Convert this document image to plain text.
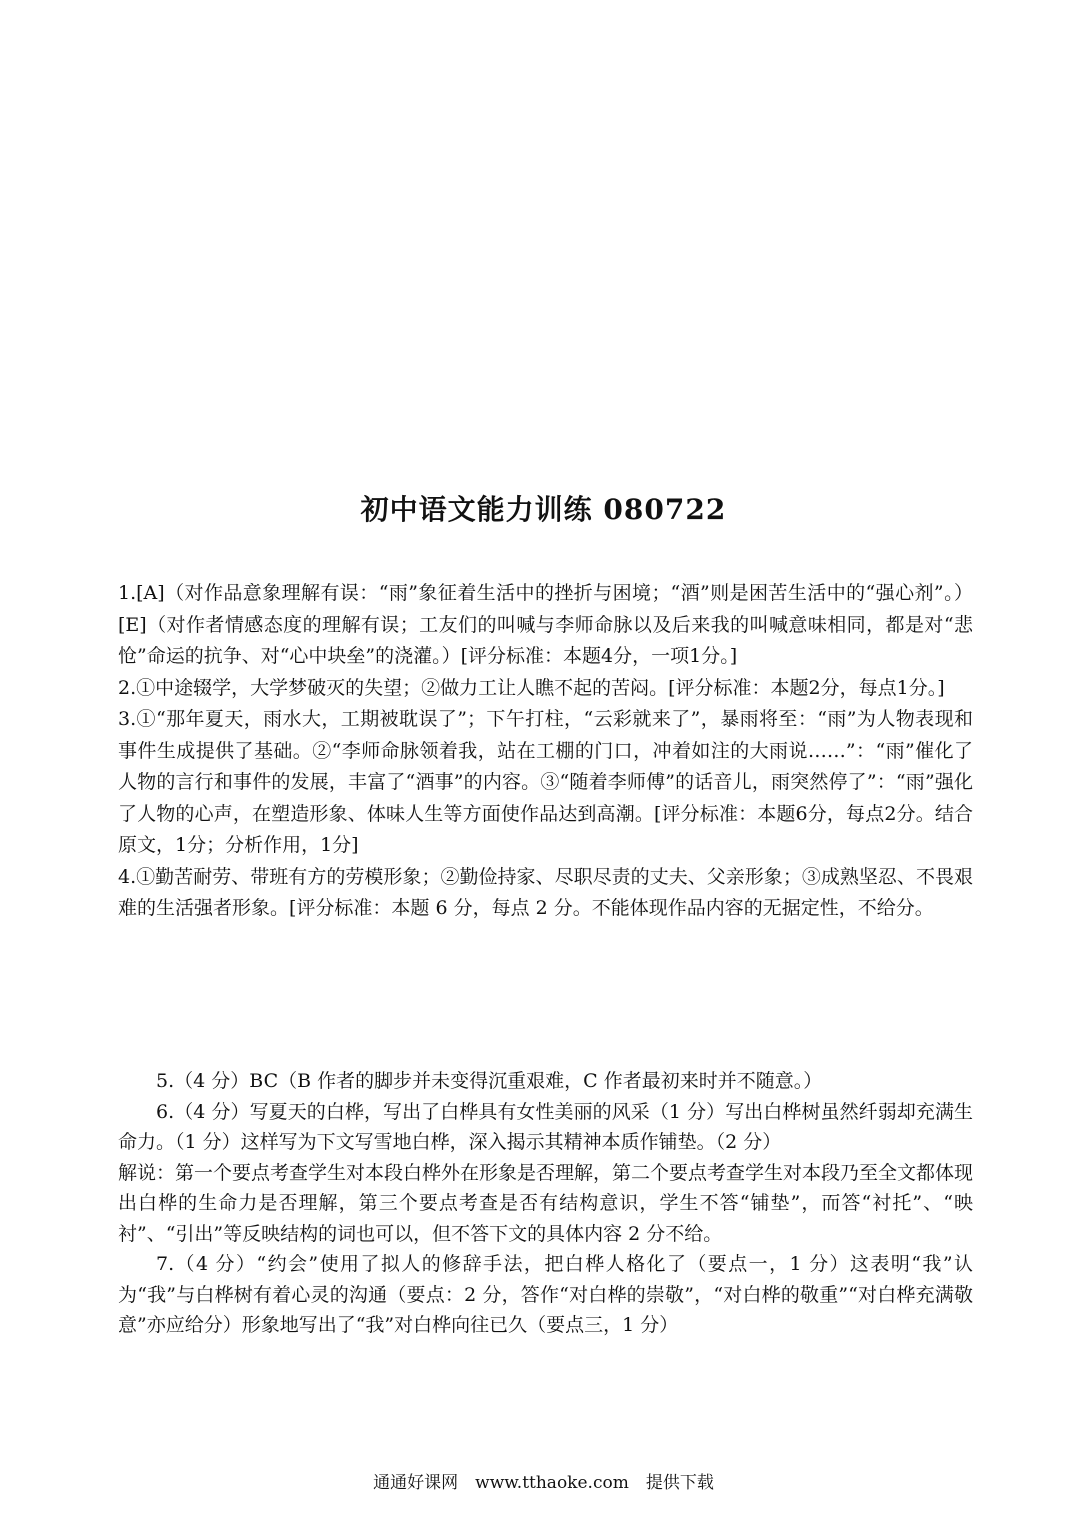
初中语文能力训练 080722

1.[A]（对作品意象理解有误：“雨”象征着生活中的挫折与困境；“酒”则是困苦生活中的“强心剂”。）[E]（对作者情感态度的理解有误；工友们的叫喊与李师命脉以及后来我的叫喊意味相同，都是对“悲怆”命运的抗争、对“心中块垒”的浇灌。）[评分标准：本题4分，一项1分。]

2.①中途辍学，大学梦破灭的失望；②做力工让人瞧不起的苦闷。[评分标准：本题2分，每点1分。]

3.①“那年夏天，雨水大，工期被耽误了”；下午打柱，“云彩就来了”，暴雨将至：“雨”为人物表现和事件生成提供了基础。②“李师命脉领着我，站在工棚的门口，冲着如注的大雨说……”：“雨”催化了人物的言行和事件的发展，丰富了“酒事”的内容。③“随着李师傅”的话音儿，雨突然停了”：“雨”强化了人物的心声，在塑造形象、体味人生等方面使作品达到高潮。[评分标准：本题6分，每点2分。结合原文，1分；分析作用，1分]

4.①勤苦耐劳、带班有方的劳模形象；②勤俭持家、尽职尽责的丈夫、父亲形象；③成熟坚忍、不畏艰难的生活强者形象。[评分标准：本题 6 分，每点 2 分。不能体现作品内容的无据定性，不给分。

5.（4 分）BC（B 作者的脚步并未变得沉重艰难，C 作者最初来时并不随意。）

6.（4 分）写夏天的白桦，写出了白桦具有女性美丽的风采（1 分）写出白桦树虽然纤弱却充满生命力。（1 分）这样写为下文写雪地白桦，深入揭示其精神本质作铺垫。（2 分）

解说：第一个要点考查学生对本段白桦外在形象是否理解，第二个要点考查学生对本段乃至全文都体现出白桦的生命力是否理解，第三个要点考查是否有结构意识，学生不答“铺垫”，而答“衬托”、“映衬”、“引出”等反映结构的词也可以，但不答下文的具体内容 2 分不给。

7.（4 分）“约会”使用了拟人的修辞手法，把白桦人格化了（要点一，1 分）这表明“我”认为“我”与白桦树有着心灵的沟通（要点：2 分，答作“对白桦的崇敬”，“对白桦的敬重”“对白桦充满敬意”亦应给分）形象地写出了“我”对白桦向往已久（要点三，1 分）

通通好课网　www.tthaoke.com　提供下载
